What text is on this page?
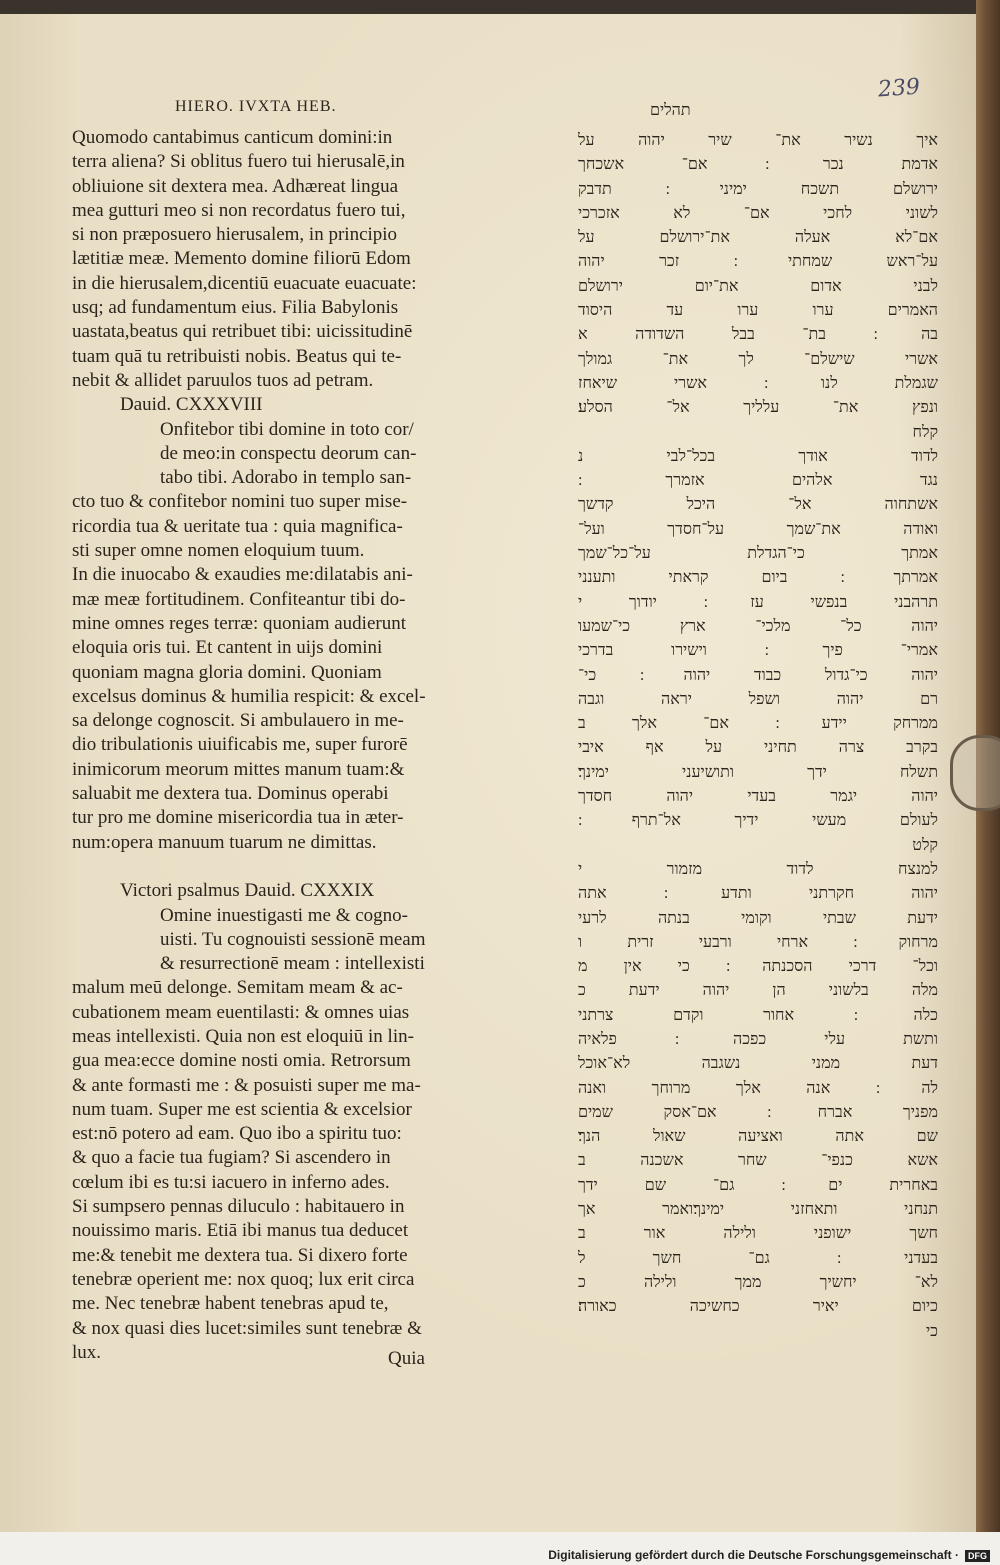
239
HIERO. IVXTA HEB.	תהלים
Quomodo cantabimus canticum domini:in
terra aliena? Si oblitus fuero tui hierusalē,in
obliuione sit dextera mea. Adhæreat lingua
mea gutturi meo si non recordatus fuero tui,
si non præposuero hierusalem, in principio
lætitiæ meæ. Memento domine filiorū Edom
in die hierusalem,dicentiū euacuate euacuate:
usq; ad fundamentum eius. Filia Babylonis
uastata,beatus qui retribuet tibi: uicissitudinē
tuam quā tu retribuisti nobis. Beatus qui te-
nebit & allidet paruulos tuos ad petram.
Dauid. CXXXVIII
Onfitebor tibi domine in toto cor/
de meo:in conspectu deorum can-
tabo tibi. Adorabo in templo san-
cto tuo & confitebor nomini tuo super mise-
ricordia tua & ueritate tua : quia magnifica-
sti super omne nomen eloquium tuum.
In die inuocabo & exaudies me:dilatabis ani-
mæ meæ fortitudinem. Confiteantur tibi do-
mine omnes reges terræ: quoniam audierunt
eloquia oris tui. Et cantent in uijs domini
quoniam magna gloria domini. Quoniam
excelsus dominus & humilia respicit: & excel-
sa delonge cognoscit. Si ambulauero in me-
dio tribulationis uiuificabis me, super furorē
inimicorum meorum mittes manum tuam:&
saluabit me dextera tua. Dominus operabi
tur pro me domine misericordia tua in æter-
num:opera manuum tuarum ne dimittas.
Victori psalmus Dauid. CXXXIX
Omine inuestigasti me & cogno-
uisti. Tu cognouisti sessionē meam
& resurrectionē meam : intellexisti
malum meū delonge. Semitam meam & ac-
cubationem meam euentilasti: & omnes uias
meas intellexisti. Quia non est eloquiū in lin-
gua mea:ecce domine nosti omia. Retrorsum
& ante formasti me : & posuisti super me ma-
num tuam. Super me est scientia & excelsior
est:nō potero ad eam. Quo ibo a spiritu tuo:
& quo a facie tua fugiam? Si ascendero in
cœlum ibi es tu:si iacuero in inferno ades.
Si sumpsero pennas diluculo : habitauero in
nouissimo maris. Etiā ibi manus tua deducet
me:& tenebit me dextera tua. Si dixero forte
tenebræ operient me: nox quoq; lux erit circa
me. Nec tenebræ habent tenebras apud te,
& nox quasi dies lucet:similes sunt tenebræ &
lux.	Quia
איך נשיר את־ שיר יהוה על
אדמת נכר ׃ אם־ אשכחך
ירושלם תשכח ימיני ׃ תדבק
לשוני לחכי אם־ לא אזכרכי
אם־לא אעלה את־ירושלם על
על־ראש שמחתי ׃ זכר יהוה
לבני אדום את־יום ירושלם
האמרים ערו ערו עד היסוד
בה ׃ בת־ בבל השדודה א
אשרי שישלם־ לך את־ גמולך
שגמלת לנו ׃ אשרי שיאחז
ונפץ את־ עלליך אל־ הסלע׃
קלח
לדוד אודך בכל־לבי נ
נגד אלהים אזמרך ׃
אשתחוה אל־ היכל קדשך
ואודה את־שמך על־חסדך ועל־
אמתך כי־הגדלת על־כל־שמך
אמרתך ׃ ביום קראתי ותענני
תרהבני בנפשי עז ׃ יודוך י
יהוה כל־ מלכי־ ארץ כי־שמעו
אמרי־ פיך ׃ וישירו בדרכי
יהוה כי־גדול כבוד יהוה ׃ כי־
רם יהוה ושפל יראה וגבה
ממרחק יידע ׃ אם־ אלך ב
בקרב צרה תחיני על אף איבי
תשלח ידך ותושיעני ימינך׃
יהוה יגמר בעדי יהוה חסדך
לעולם מעשי ידיך אל־תרף ׃
קלט
למנצח לדוד מזמור י
יהוה חקרתני ותדע ׃ אתה
ידעת שבתי וקומי בנתה לרעי
מרחוק ׃ ארחי ורבעי זרית ו
וכל־ דרכי הסכנתה ׃ כי אין מ
מלה בלשוני הן יהוה ידעת כ
כלה ׃ אחור וקדם צרתני
ותשת עלי כפכה ׃ פלאיה
דעת ממני נשגבה לא־אוכל
לה ׃ אנה אלך מרוחך ואנה
מפניך אברח ׃ אם־אסק שמים
שם אתה ואציעה שאול הנך׃
אשא כנפי־ שחר אשכנה ב
באחרית ים ׃ גם־ שם ידך
תנחני ותאחזני ימינך׃ואמר אך
חשך ישופני ולילה אור ב
בעדני ׃ גם־ חשך ל
לא־ יחשיך ממך ולילה כ
כיום יאיר כחשיכה כאורה׃
כי
Digitalisierung gefördert durch die Deutsche Forschungsgemeinschaft · DFG
